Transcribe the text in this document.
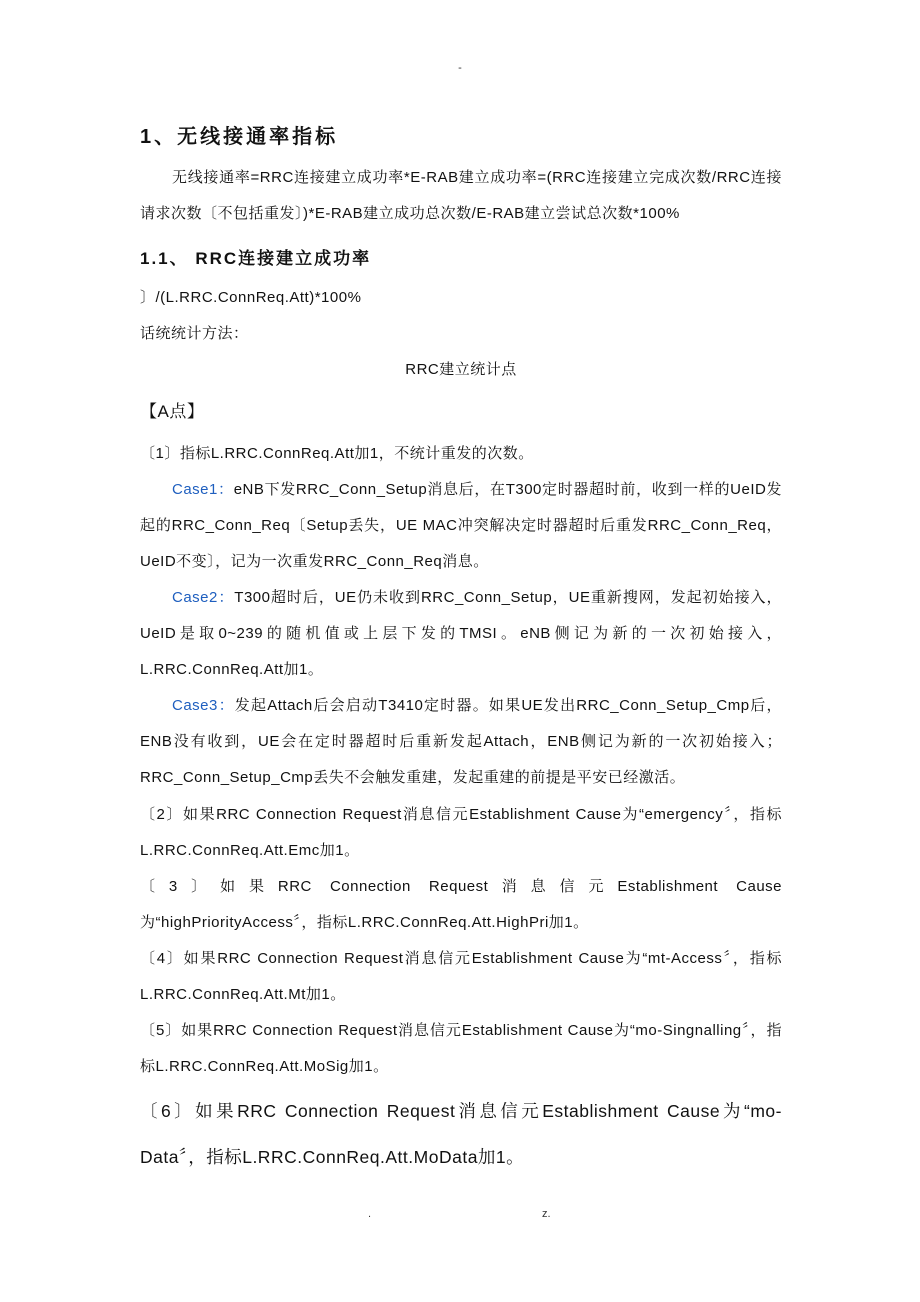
-
1、无线接通率指标
无线接通率=RRC连接建立成功率*E-RAB建立成功率=(RRC连接建立完成次数/RRC连接请求次数〔不包括重发〕)*E-RAB建立成功总次数/E-RAB建立尝试总次数*100%
1.1、 RRC连接建立成功率
〕/(L.RRC.ConnReq.Att)*100%
话统统计方法：
RRC建立统计点
【A点】
〔1〕指标L.RRC.ConnReq.Att加1，不统计重发的次数。
Case1：eNB下发RRC_Conn_Setup消息后，在T300定时器超时前，收到一样的UeID发起的RRC_Conn_Req〔Setup丢失，UE MAC冲突解决定时器超时后重发RRC_Conn_Req，UeID不变〕，记为一次重发RRC_Conn_Req消息。
Case2：T300超时后，UE仍未收到RRC_Conn_Setup，UE重新搜网，发起初始接入，UeID是取0~239的随机值或上层下发的TMSI。eNB侧记为新的一次初始接入，L.RRC.ConnReq.Att加1。
Case3：发起Attach后会启动T3410定时器。如果UE发出RRC_Conn_Setup_Cmp后，ENB没有收到，UE会在定时器超时后重新发起Attach，ENB侧记为新的一次初始接入；RRC_Conn_Setup_Cmp丢失不会触发重建，发起重建的前提是平安已经激活。
〔2〕如果RRC Connection Request消息信元Establishment Cause为“emergency〞，指标L.RRC.ConnReq.Att.Emc加1。
〔3〕如果RRC Connection Request消息信元Establishment Cause为“highPriorityAccess〞，指标L.RRC.ConnReq.Att.HighPri加1。
〔4〕如果RRC Connection Request消息信元Establishment Cause为“mt-Access〞，指标L.RRC.ConnReq.Att.Mt加1。
〔5〕如果RRC Connection Request消息信元Establishment Cause为“mo-Singnalling〞，指标L.RRC.ConnReq.Att.MoSig加1。
〔6〕如果RRC Connection Request消息信元Establishment Cause为“mo-Data〞，指标L.RRC.ConnReq.Att.MoData加1。
.	z.
